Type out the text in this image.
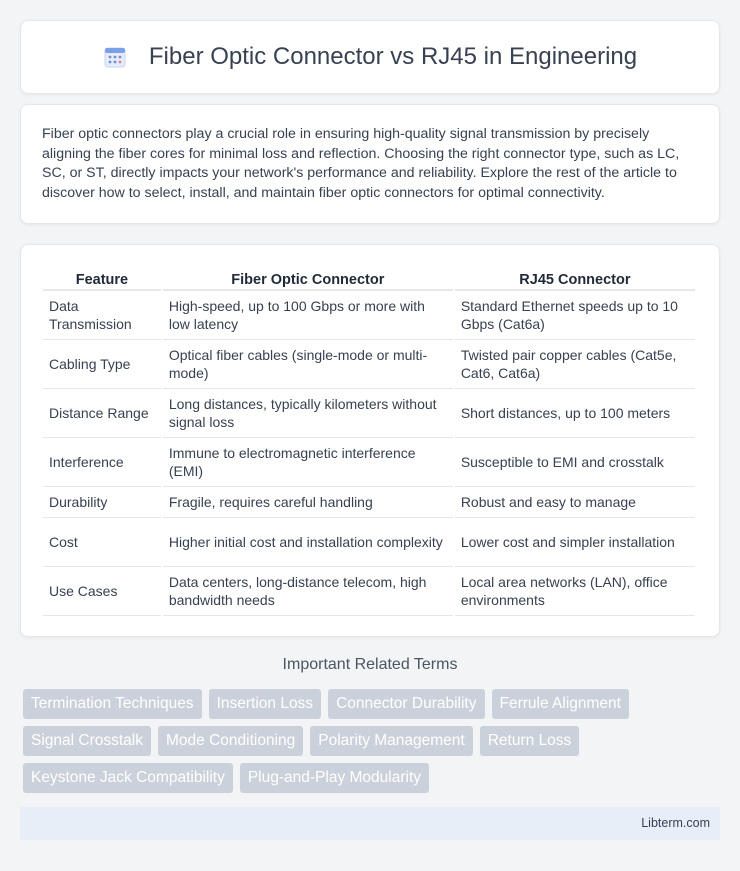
Fiber Optic Connector vs RJ45 in Engineering

Fiber optic connectors play a crucial role in ensuring high-quality signal transmission by precisely aligning the fiber cores for minimal loss and reflection. Choosing the right connector type, such as LC, SC, or ST, directly impacts your network's performance and reliability. Explore the rest of the article to discover how to select, install, and maintain fiber optic connectors for optimal connectivity.

Feature	Fiber Optic Connector	RJ45 Connector
Data Transmission	High-speed, up to 100 Gbps or more with low latency	Standard Ethernet speeds up to 10 Gbps (Cat6a)
Cabling Type	Optical fiber cables (single-mode or multi-mode)	Twisted pair copper cables (Cat5e, Cat6, Cat6a)
Distance Range	Long distances, typically kilometers without signal loss	Short distances, up to 100 meters
Interference	Immune to electromagnetic interference (EMI)	Susceptible to EMI and crosstalk
Durability	Fragile, requires careful handling	Robust and easy to manage
Cost	Higher initial cost and installation complexity	Lower cost and simpler installation
Use Cases	Data centers, long-distance telecom, high bandwidth needs	Local area networks (LAN), office environments
Important Related Terms
Termination Techniques	Insertion Loss	Connector Durability	Ferrule Alignment
Signal Crosstalk	Mode Conditioning	Polarity Management	Return Loss
Keystone Jack Compatibility	Plug-and-Play Modularity
Libterm.com
